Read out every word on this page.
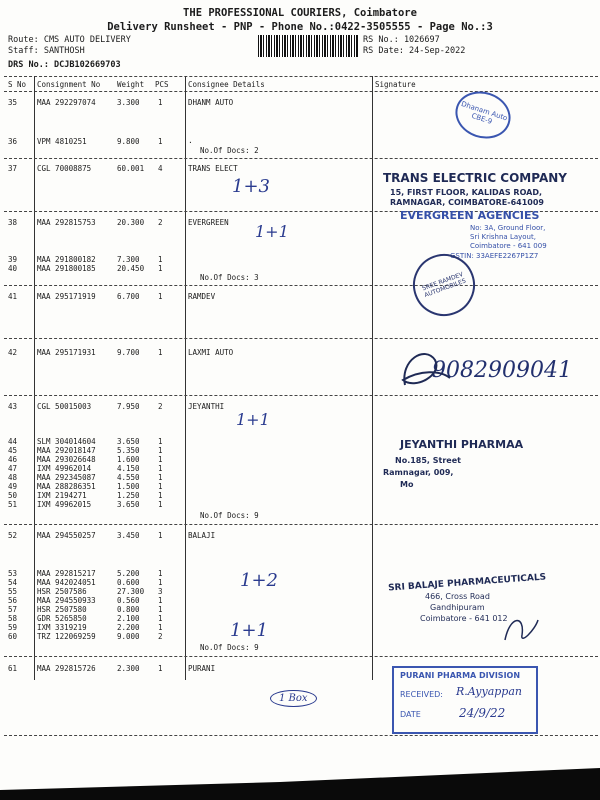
THE PROFESSIONAL COURIERS, Coimbatore
Delivery Runsheet - PNP - Phone No.:0422-3505555 - Page No.:3
Route: CMS AUTO DELIVERY
Staff: SANTHOSH
DRS No.: DCJB102669703
RS No.: 1026697
RS Date: 24-Sep-2022
S No Consignment No Weight PCS	Consignee Details	Signature
35	MAA 292297074	3.300 1	DHANM AUTO
36	VPM 4810251	9.800 1	.
No.Of Docs: 2
37	CGL 70008875	60.001 4	TRANS ELECT
38	MAA 292815753	20.300 2	EVERGREEN
39	MAA 291800182	7.300 1
40	MAA 291800185	20.450 1
No.Of Docs: 3
41	MAA 295171919	6.700 1	RAMDEV
42	MAA 295171931	9.700 1	LAXMI AUTO
43	CGL 50015003	7.950 2	JEYANTHI
44	SLM 304014604	3.650 1
45	MAA 292018147	5.350 1
46	MAA 293026648	1.600 1
47	IXM 49962014	4.150 1
48	MAA 292345087	4.550 1
49	MAA 288286351	1.500 1
50	IXM 2194271	1.250 1
51	IXM 49962015	3.650 1
No.Of Docs: 9
52	MAA 294550257	3.450 1	BALAJI
53	MAA 292815217	5.200 1
54	MAA 942024051	0.600 1
55	HSR 2507586	27.300 3
56	MAA 294550933	0.560 1
57	HSR 2507580	0.800 1
58	GDR 5265850	2.100 1
59	IXM 3319219	2.200 1
60	TRZ 122069259	9.000 2
No.Of Docs: 9
61	MAA 292815726	2.300 1	PURANI
1+3
1+1
1+1
1+2
1+1
9082909041
1 Box
Dhanam Auto CBE-9
TRANS ELECTRIC COMPANY
15, FIRST FLOOR, KALIDAS ROAD,
RAMNAGAR, COIMBATORE-641009
EVERGREEN AGENCIES
No: 3A, Ground Floor,
Sri Krishna Layout,
Coimbatore - 641 009
GSTIN: 33AEFE2267P1Z7
SREE RAMDEV AUTOMOBILES
JEYANTHI PHARMAA
No.185, Street
Ramnagar, 009,
Mo
SRI BALAJE PHARMACEUTICALS
466, Cross Road
Gandhipuram
Coimbatore - 641 012
PURANI PHARMA DIVISION
RECEIVED: R.Ayyappan
DATE	24/9/22
